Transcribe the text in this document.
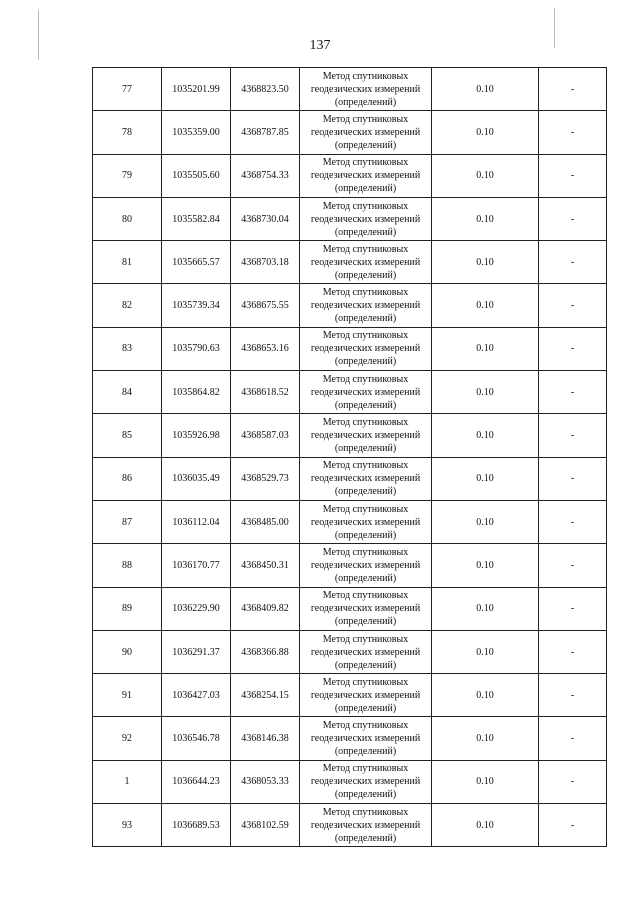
137
77	1035201.99	4368823.50	Метод спутниковых
геодезических измерений
(определений)	0.10	-
78	1035359.00	4368787.85	Метод спутниковых
геодезических измерений
(определений)	0.10	-
79	1035505.60	4368754.33	Метод спутниковых
геодезических измерений
(определений)	0.10	-
80	1035582.84	4368730.04	Метод спутниковых
геодезических измерений
(определений)	0.10	-
81	1035665.57	4368703.18	Метод спутниковых
геодезических измерений
(определений)	0.10	-
82	1035739.34	4368675.55	Метод спутниковых
геодезических измерений
(определений)	0.10	-
83	1035790.63	4368653.16	Метод спутниковых
геодезических измерений
(определений)	0.10	-
84	1035864.82	4368618.52	Метод спутниковых
геодезических измерений
(определений)	0.10	-
85	1035926.98	4368587.03	Метод спутниковых
геодезических измерений
(определений)	0.10	-
86	1036035.49	4368529.73	Метод спутниковых
геодезических измерений
(определений)	0.10	-
87	1036112.04	4368485.00	Метод спутниковых
геодезических измерений
(определений)	0.10	-
88	1036170.77	4368450.31	Метод спутниковых
геодезических измерений
(определений)	0.10	-
89	1036229.90	4368409.82	Метод спутниковых
геодезических измерений
(определений)	0.10	-
90	1036291.37	4368366.88	Метод спутниковых
геодезических измерений
(определений)	0.10	-
91	1036427.03	4368254.15	Метод спутниковых
геодезических измерений
(определений)	0.10	-
92	1036546.78	4368146.38	Метод спутниковых
геодезических измерений
(определений)	0.10	-
1	1036644.23	4368053.33	Метод спутниковых
геодезических измерений
(определений)	0.10	-
93	1036689.53	4368102.59	Метод спутниковых
геодезических измерений
(определений)	0.10	-
